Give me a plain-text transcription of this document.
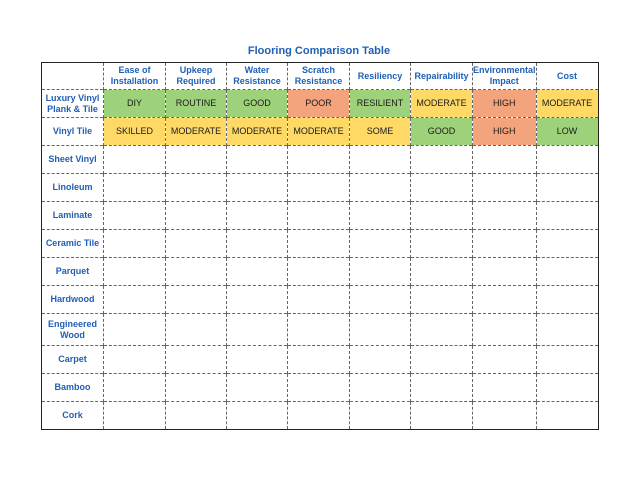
Flooring Comparison Table
	Ease of Installation	Upkeep Required	Water Resistance	Scratch Resistance	Resiliency	Repairability	Environmental Impact	Cost
Luxury Vinyl Plank & Tile	DIY	ROUTINE	GOOD	POOR	RESILIENT	MODERATE	HIGH	MODERATE
Vinyl Tile	SKILLED	MODERATE	MODERATE	MODERATE	SOME	GOOD	HIGH	LOW
Sheet Vinyl								
Linoleum								
Laminate								
Ceramic Tile								
Parquet								
Hardwood								
Engineered Wood								
Carpet								
Bamboo								
Cork								
